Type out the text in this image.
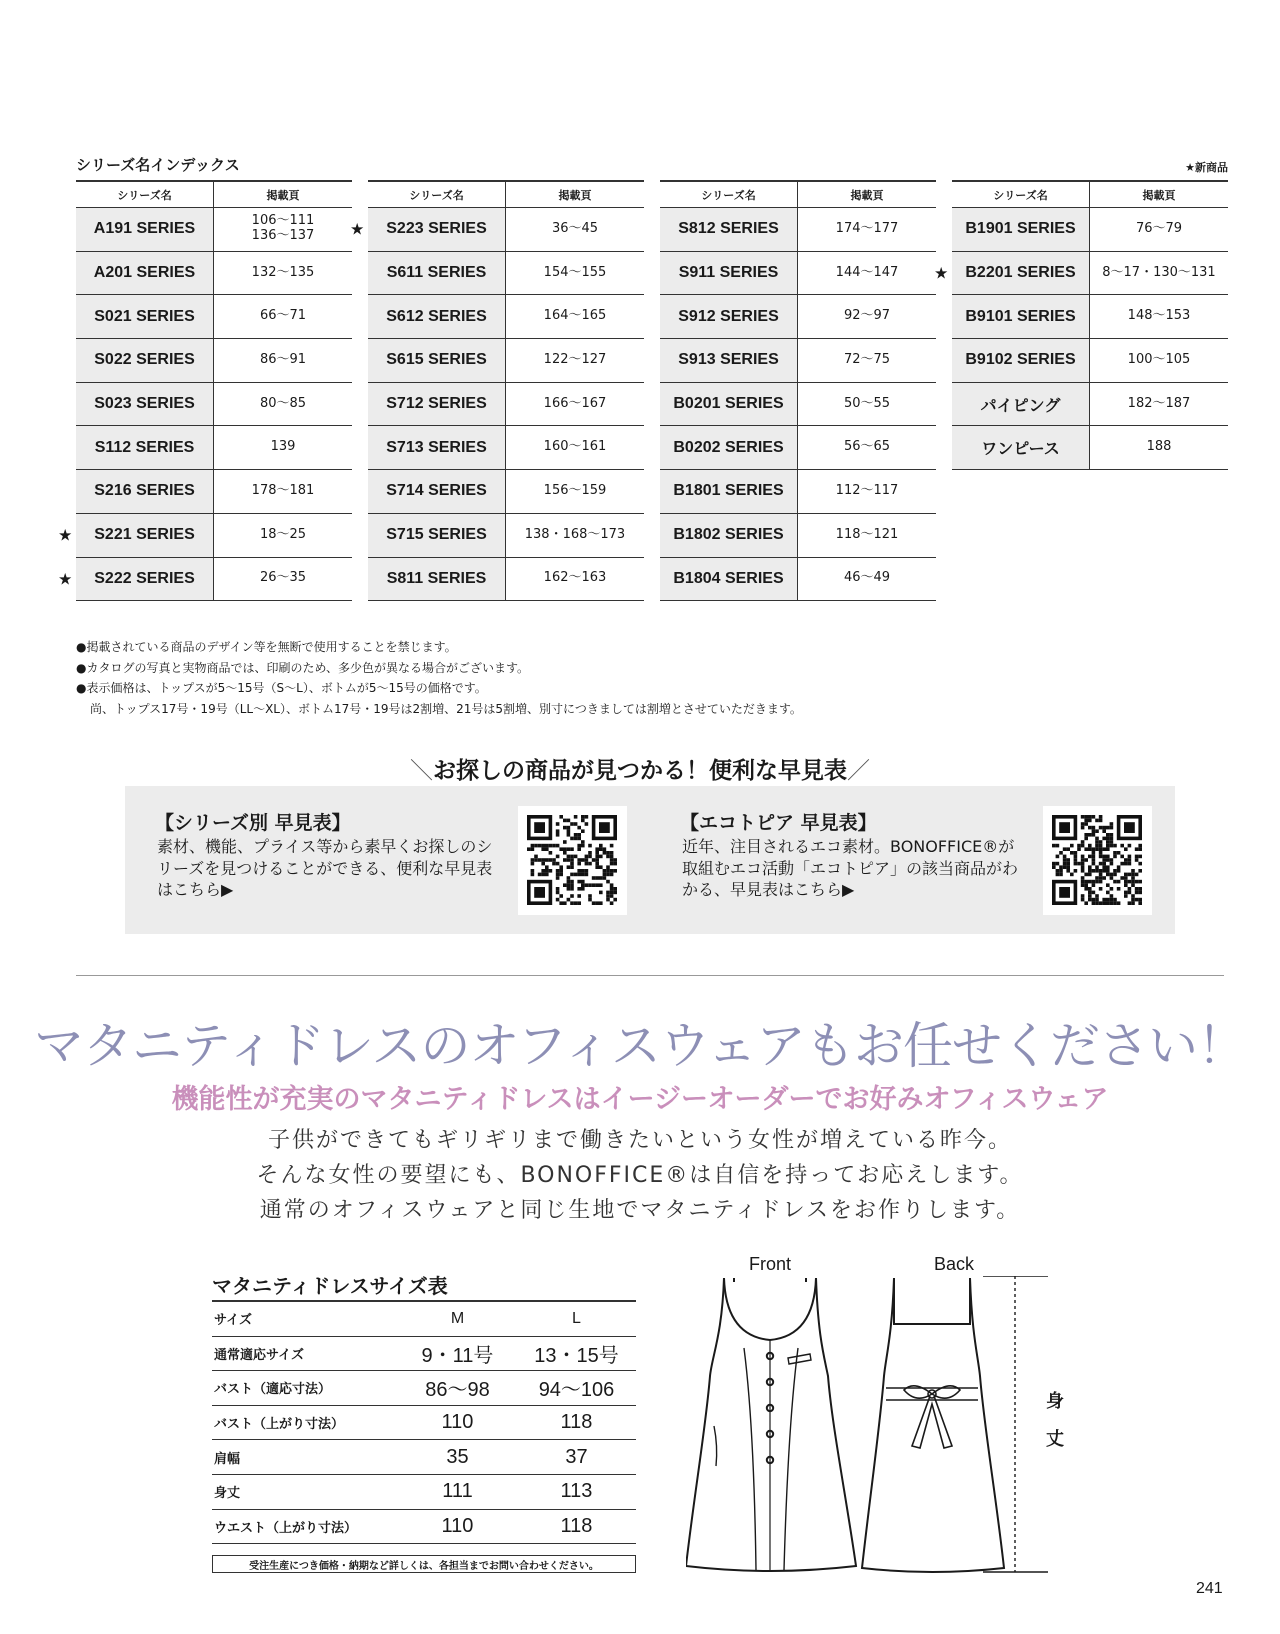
シリーズ名インデックス	★新商品
シリーズ名	掲載頁
A191 SERIES	106〜111
136〜137
A201 SERIES	132〜135
S021 SERIES	66〜71
S022 SERIES	86〜91
S023 SERIES	80〜85
S112 SERIES	139
S216 SERIES	178〜181
★	S221 SERIES	18〜25
★	S222 SERIES	26〜35
シリーズ名	掲載頁
★	S223 SERIES	36〜45
S611 SERIES	154〜155
S612 SERIES	164〜165
S615 SERIES	122〜127
S712 SERIES	166〜167
S713 SERIES	160〜161
S714 SERIES	156〜159
S715 SERIES	138・168〜173
S811 SERIES	162〜163
シリーズ名	掲載頁
S812 SERIES	174〜177
S911 SERIES	144〜147
S912 SERIES	92〜97
S913 SERIES	72〜75
B0201 SERIES	50〜55
B0202 SERIES	56〜65
B1801 SERIES	112〜117
B1802 SERIES	118〜121
B1804 SERIES	46〜49
シリーズ名	掲載頁
B1901 SERIES	76〜79
★	B2201 SERIES	8〜17・130〜131
B9101 SERIES	148〜153
B9102 SERIES	100〜105
パイピング	182〜187
ワンピース	188

●掲載されている商品のデザイン等を無断で使用することを禁じます。

●カタログの写真と実物商品では、印刷のため、多少色が異なる場合がございます。

●表示価格は、トップスが5〜15号（S〜L）、ボトムが5〜15号の価格です。

尚、トップス17号・19号（LL〜XL）、ボトム17号・19号は2割増、21号は5割増、別寸につきましては割増とさせていただきます。

＼お探しの商品が見つかる！便利な早見表／
【シリーズ別 早見表】
素材、機能、プライス等から素早くお探しのシリーズを見つけることができる、便利な早見表はこちら▶
【エコトピア 早見表】
近年、注目されるエコ素材。BONOFFICE®が取組むエコ活動「エコトピア」の該当商品がわかる、早見表はこちら▶
マタニティドレスのオフィスウェアもお任せください！
機能性が充実のマタニティドレスはイージーオーダーでお好みオフィスウェア

子供ができてもギリギリまで働きたいという女性が増えている昨今。

そんな女性の要望にも、BONOFFICE®は自信を持ってお応えします。

通常のオフィスウェアと同じ生地でマタニティドレスをお作りします。

マタニティドレスサイズ表
サイズ	M	L
通常適応サイズ	9・11号	13・15号
バスト（適応寸法）	86〜98	94〜106
バスト（上がり寸法）	110	118
肩幅	35	37
身丈	111	113
ウエスト（上がり寸法）	110	118
受注生産につき価格・納期など詳しくは、各担当までお問い合わせください。
Front	Back
身丈
241
